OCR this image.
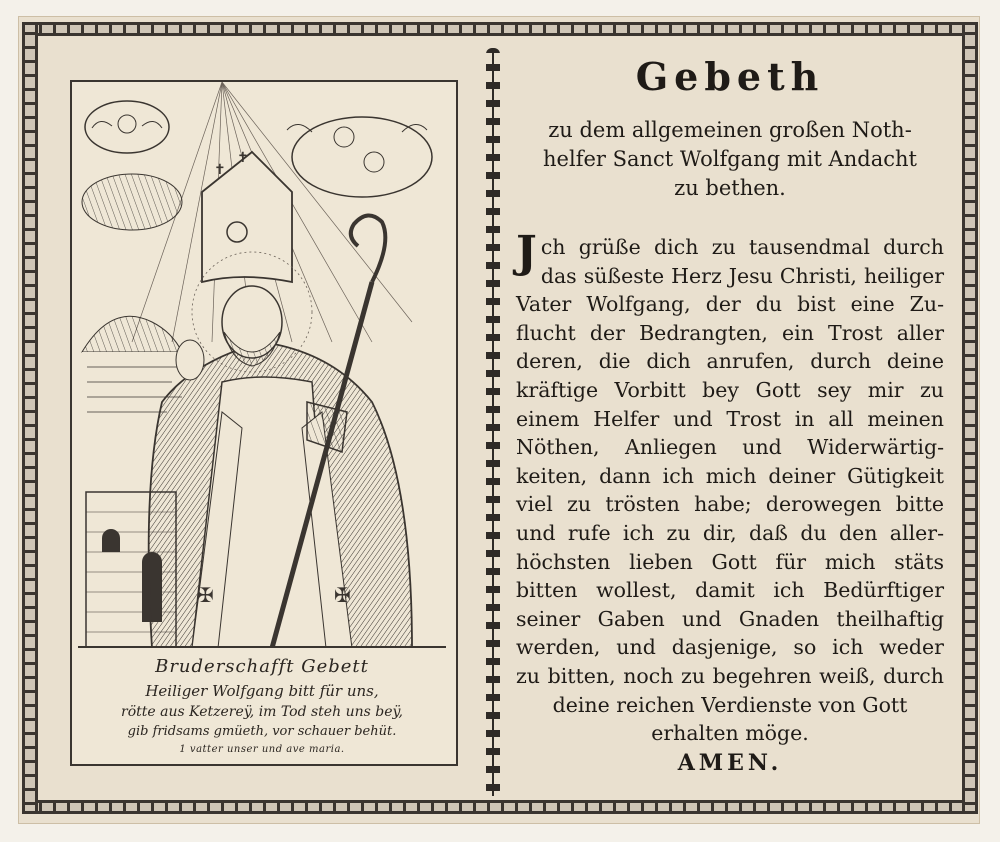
✠	✠
✝
✝
Bruderschafft Gebett
Heiliger Wolfgang bitt für uns,
rötte aus Ketzereÿ, im Tod steh uns beÿ,
gib fridsams gmüeth, vor schauer behüt.
1 vatter unser und ave maria.
Gebeth
zu dem allgemeinen großen Noth-
helfer Sanct Wolfgang mit Andacht
zu bethen.
J ch grüße dich zu tausendmal durch
das süßeste Herz Jesu Christi, heiliger
Vater Wolfgang, der du bist eine Zu-
flucht der Bedrangten, ein Trost aller
deren, die dich anrufen, durch deine
kräftige Vorbitt bey Gott sey mir zu
einem Helfer und Trost in all meinen
Nöthen, Anliegen und Widerwärtig-
keiten, dann ich mich deiner Gütigkeit
viel zu trösten habe; derowegen bitte
und rufe ich zu dir, daß du den aller-
höchsten lieben Gott für mich stäts
bitten wollest, damit ich Bedürftiger
seiner Gaben und Gnaden theilhaftig
werden, und dasjenige, so ich weder
zu bitten, noch zu begehren weiß, durch
deine reichen Verdienste von Gott
erhalten möge.
AMEN.
